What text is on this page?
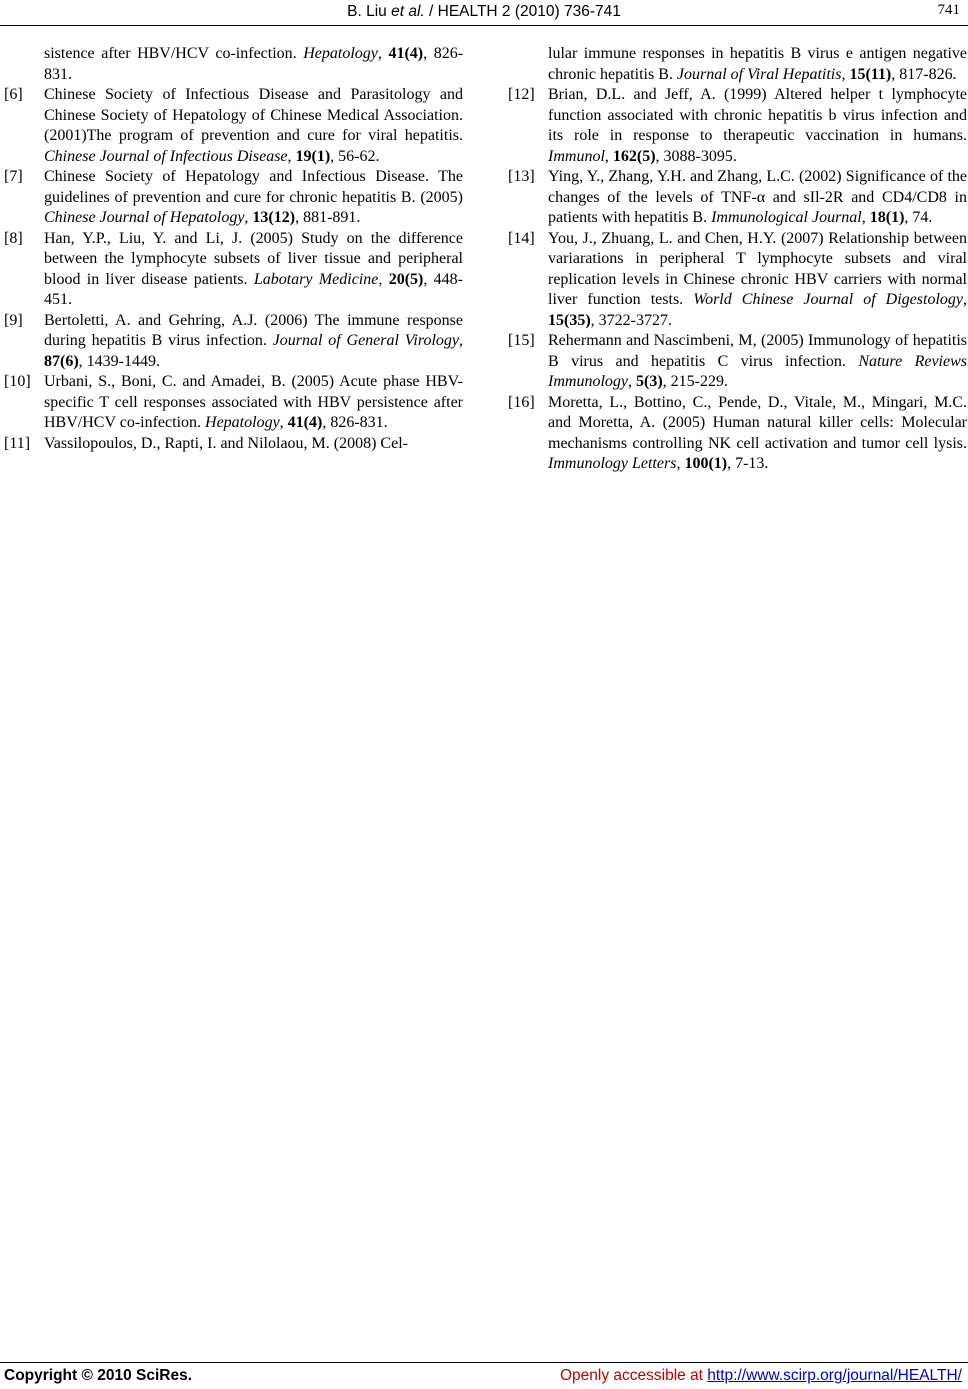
B. Liu et al. / HEALTH 2 (2010) 736-741	741
sistence after HBV/HCV co-infection. Hepatology, 41(4), 826-831.
[6]	Chinese Society of Infectious Disease and Parasitology and Chinese Society of Hepatology of Chinese Medical Association. (2001)The program of prevention and cure for viral hepatitis. Chinese Journal of Infectious Disease, 19(1), 56-62.
[7]	Chinese Society of Hepatology and Infectious Disease. The guidelines of prevention and cure for chronic hepatitis B. (2005) Chinese Journal of Hepatology, 13(12), 881-891.
[8]	Han, Y.P., Liu, Y. and Li, J. (2005) Study on the difference between the lymphocyte subsets of liver tissue and peripheral blood in liver disease patients. Labotary Medicine, 20(5), 448-451.
[9]	Bertoletti, A. and Gehring, A.J. (2006) The immune response during hepatitis B virus infection. Journal of General Virology, 87(6), 1439-1449.
[10] Urbani, S., Boni, C. and Amadei, B. (2005) Acute phase HBV-specific T cell responses associated with HBV persistence after HBV/HCV co-infection. Hepatology, 41(4), 826-831.
[11] Vassilopoulos, D., Rapti, I. and Nilolaou, M. (2008) Cel-
lular immune responses in hepatitis B virus e antigen negative chronic hepatitis B. Journal of Viral Hepatitis, 15(11), 817-826.
[12] Brian, D.L. and Jeff, A. (1999) Altered helper t lymphocyte function associated with chronic hepatitis b virus infection and its role in response to therapeutic vaccination in humans. Immunol, 162(5), 3088-3095.
[13] Ying, Y., Zhang, Y.H. and Zhang, L.C. (2002) Significance of the changes of the levels of TNF-α and sIl-2R and CD4/CD8 in patients with hepatitis B. Immunological Journal, 18(1), 74.
[14] You, J., Zhuang, L. and Chen, H.Y. (2007) Relationship between variarations in peripheral T lymphocyte subsets and viral replication levels in Chinese chronic HBV carriers with normal liver function tests. World Chinese Journal of Digestology, 15(35), 3722-3727.
[15] Rehermann and Nascimbeni, M, (2005) Immunology of hepatitis B virus and hepatitis C virus infection. Nature Reviews Immunology, 5(3), 215-229.
[16] Moretta, L., Bottino, C., Pende, D., Vitale, M., Mingari, M.C. and Moretta, A. (2005) Human natural killer cells: Molecular mechanisms controlling NK cell activation and tumor cell lysis. Immunology Letters, 100(1), 7-13.
Copyright © 2010 SciRes.	Openly accessible at http://www.scirp.org/journal/HEALTH/
